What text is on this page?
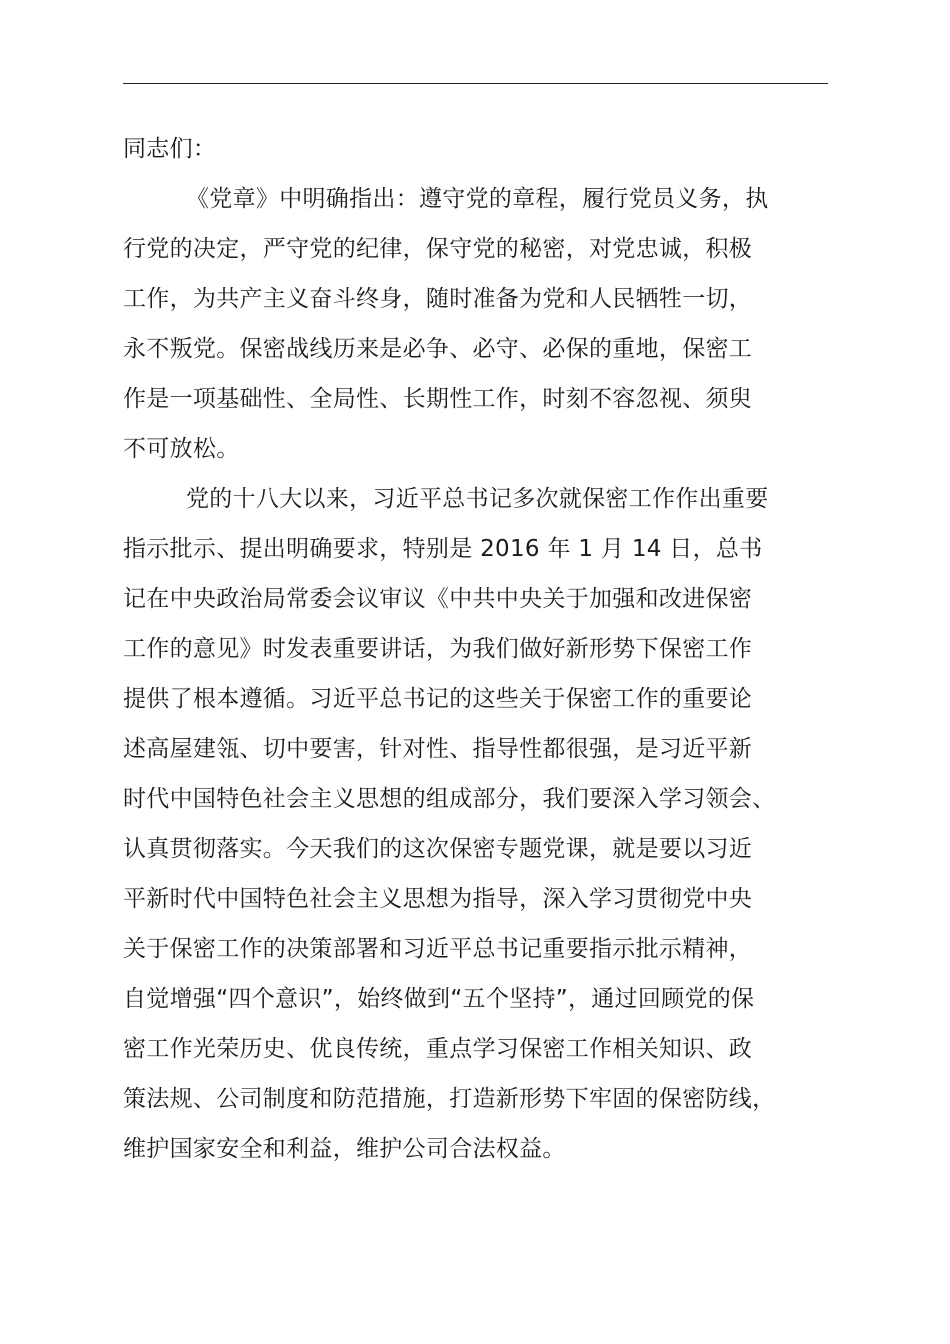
同志们：
《党章》中明确指出：遵守党的章程，履行党员义务，执
行党的决定，严守党的纪律，保守党的秘密，对党忠诚，积极
工作，为共产主义奋斗终身，随时准备为党和人民牺牲一切，
永不叛党。保密战线历来是必争、必守、必保的重地，保密工
作是一项基础性、全局性、长期性工作，时刻不容忽视、须臾
不可放松。
党的十八大以来，习近平总书记多次就保密工作作出重要
指示批示、提出明确要求，特别是 2016 年 1 月 14 日，总书
记在中央政治局常委会议审议《中共中央关于加强和改进保密
工作的意见》时发表重要讲话，为我们做好新形势下保密工作
提供了根本遵循。习近平总书记的这些关于保密工作的重要论
述高屋建瓴、切中要害，针对性、指导性都很强，是习近平新
时代中国特色社会主义思想的组成部分，我们要深入学习领会、
认真贯彻落实。今天我们的这次保密专题党课，就是要以习近
平新时代中国特色社会主义思想为指导，深入学习贯彻党中央
关于保密工作的决策部署和习近平总书记重要指示批示精神，
自觉增强“四个意识”，始终做到“五个坚持”，通过回顾党的保
密工作光荣历史、优良传统，重点学习保密工作相关知识、政
策法规、公司制度和防范措施，打造新形势下牢固的保密防线，
维护国家安全和利益，维护公司合法权益。
